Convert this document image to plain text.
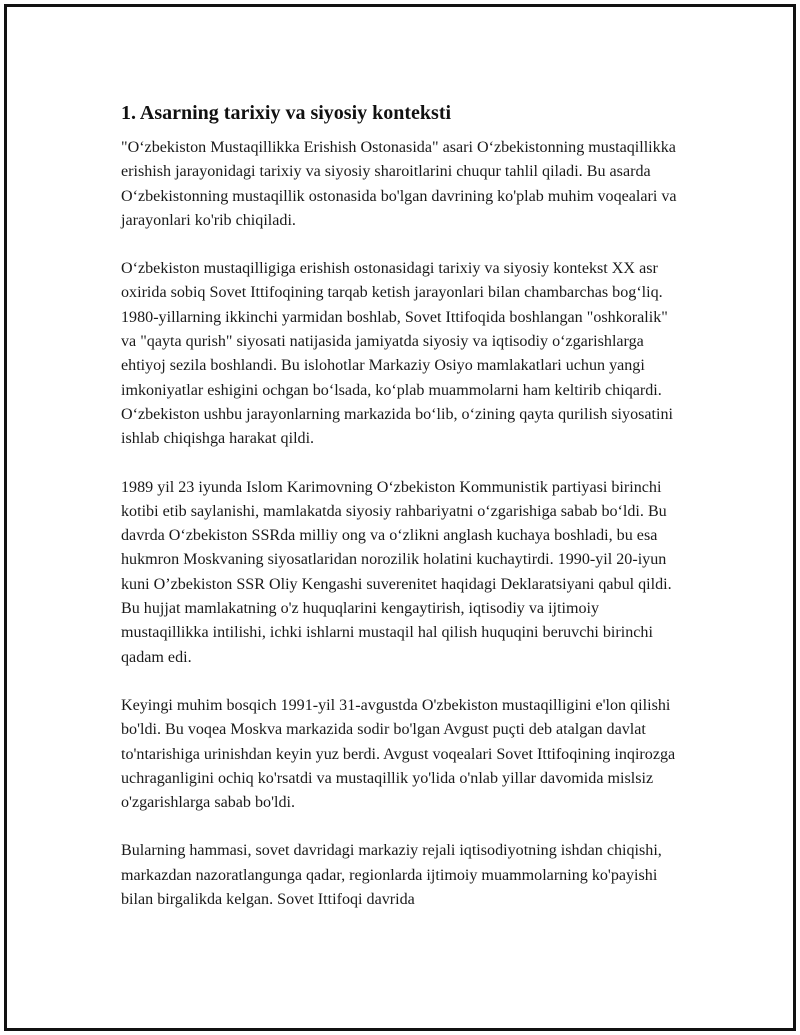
1. Asarning tarixiy va siyosiy konteksti

"Oʻzbekiston Mustaqillikka Erishish Ostonasida" asari Oʻzbekistonning mustaqillikka erishish jarayonidagi tarixiy va siyosiy sharoitlarini chuqur tahlil qiladi. Bu asarda Oʻzbekistonning mustaqillik ostonasida bo'lgan davrining ko'plab muhim voqealari va jarayonlari ko'rib chiqiladi.

Oʻzbekiston mustaqilligiga erishish ostonasidagi tarixiy va siyosiy kontekst XX asr oxirida sobiq Sovet Ittifoqining tarqab ketish jarayonlari bilan chambarchas bogʻliq. 1980-yillarning ikkinchi yarmidan boshlab, Sovet Ittifoqida boshlangan "oshkoralik" va "qayta qurish" siyosati natijasida jamiyatda siyosiy va iqtisodiy oʻzgarishlarga ehtiyoj sezila boshlandi. Bu islohotlar Markaziy Osiyo mamlakatlari uchun yangi imkoniyatlar eshigini ochgan boʻlsada, koʻplab muammolarni ham keltirib chiqardi. Oʻzbekiston ushbu jarayonlarning markazida boʻlib, oʻzining qayta qurilish siyosatini ishlab chiqishga harakat qildi.

1989 yil 23 iyunda Islom Karimovning Oʻzbekiston Kommunistik partiyasi birinchi kotibi etib saylanishi, mamlakatda siyosiy rahbariyatni oʻzgarishiga sabab boʻldi. Bu davrda Oʻzbekiston SSRda milliy ong va oʻzlikni anglash kuchaya boshladi, bu esa hukmron Moskvaning siyosatlaridan norozilik holatini kuchaytirdi. 1990-yil 20-iyun kuni O’zbekiston SSR Oliy Kengashi suverenitet haqidagi Deklaratsiyani qabul qildi. Bu hujjat mamlakatning o'z huquqlarini kengaytirish, iqtisodiy va ijtimoiy mustaqillikka intilishi, ichki ishlarni mustaqil hal qilish huquqini beruvchi birinchi qadam edi.

Keyingi muhim bosqich 1991-yil 31-avgustda O'zbekiston mustaqilligini e'lon qilishi bo'ldi. Bu voqea Moskva markazida sodir bo'lgan Avgust puçti deb atalgan davlat to'ntarishiga urinishdan keyin yuz berdi. Avgust voqealari Sovet Ittifoqining inqirozga uchraganligini ochiq ko'rsatdi va mustaqillik yo'lida o'nlab yillar davomida mislsiz o'zgarishlarga sabab bo'ldi.

Bularning hammasi, sovet davridagi markaziy rejali iqtisodiyotning ishdan chiqishi, markazdan nazoratlangunga qadar, regionlarda ijtimoiy muammolarning ko'payishi bilan birgalikda kelgan. Sovet Ittifoqi davrida
